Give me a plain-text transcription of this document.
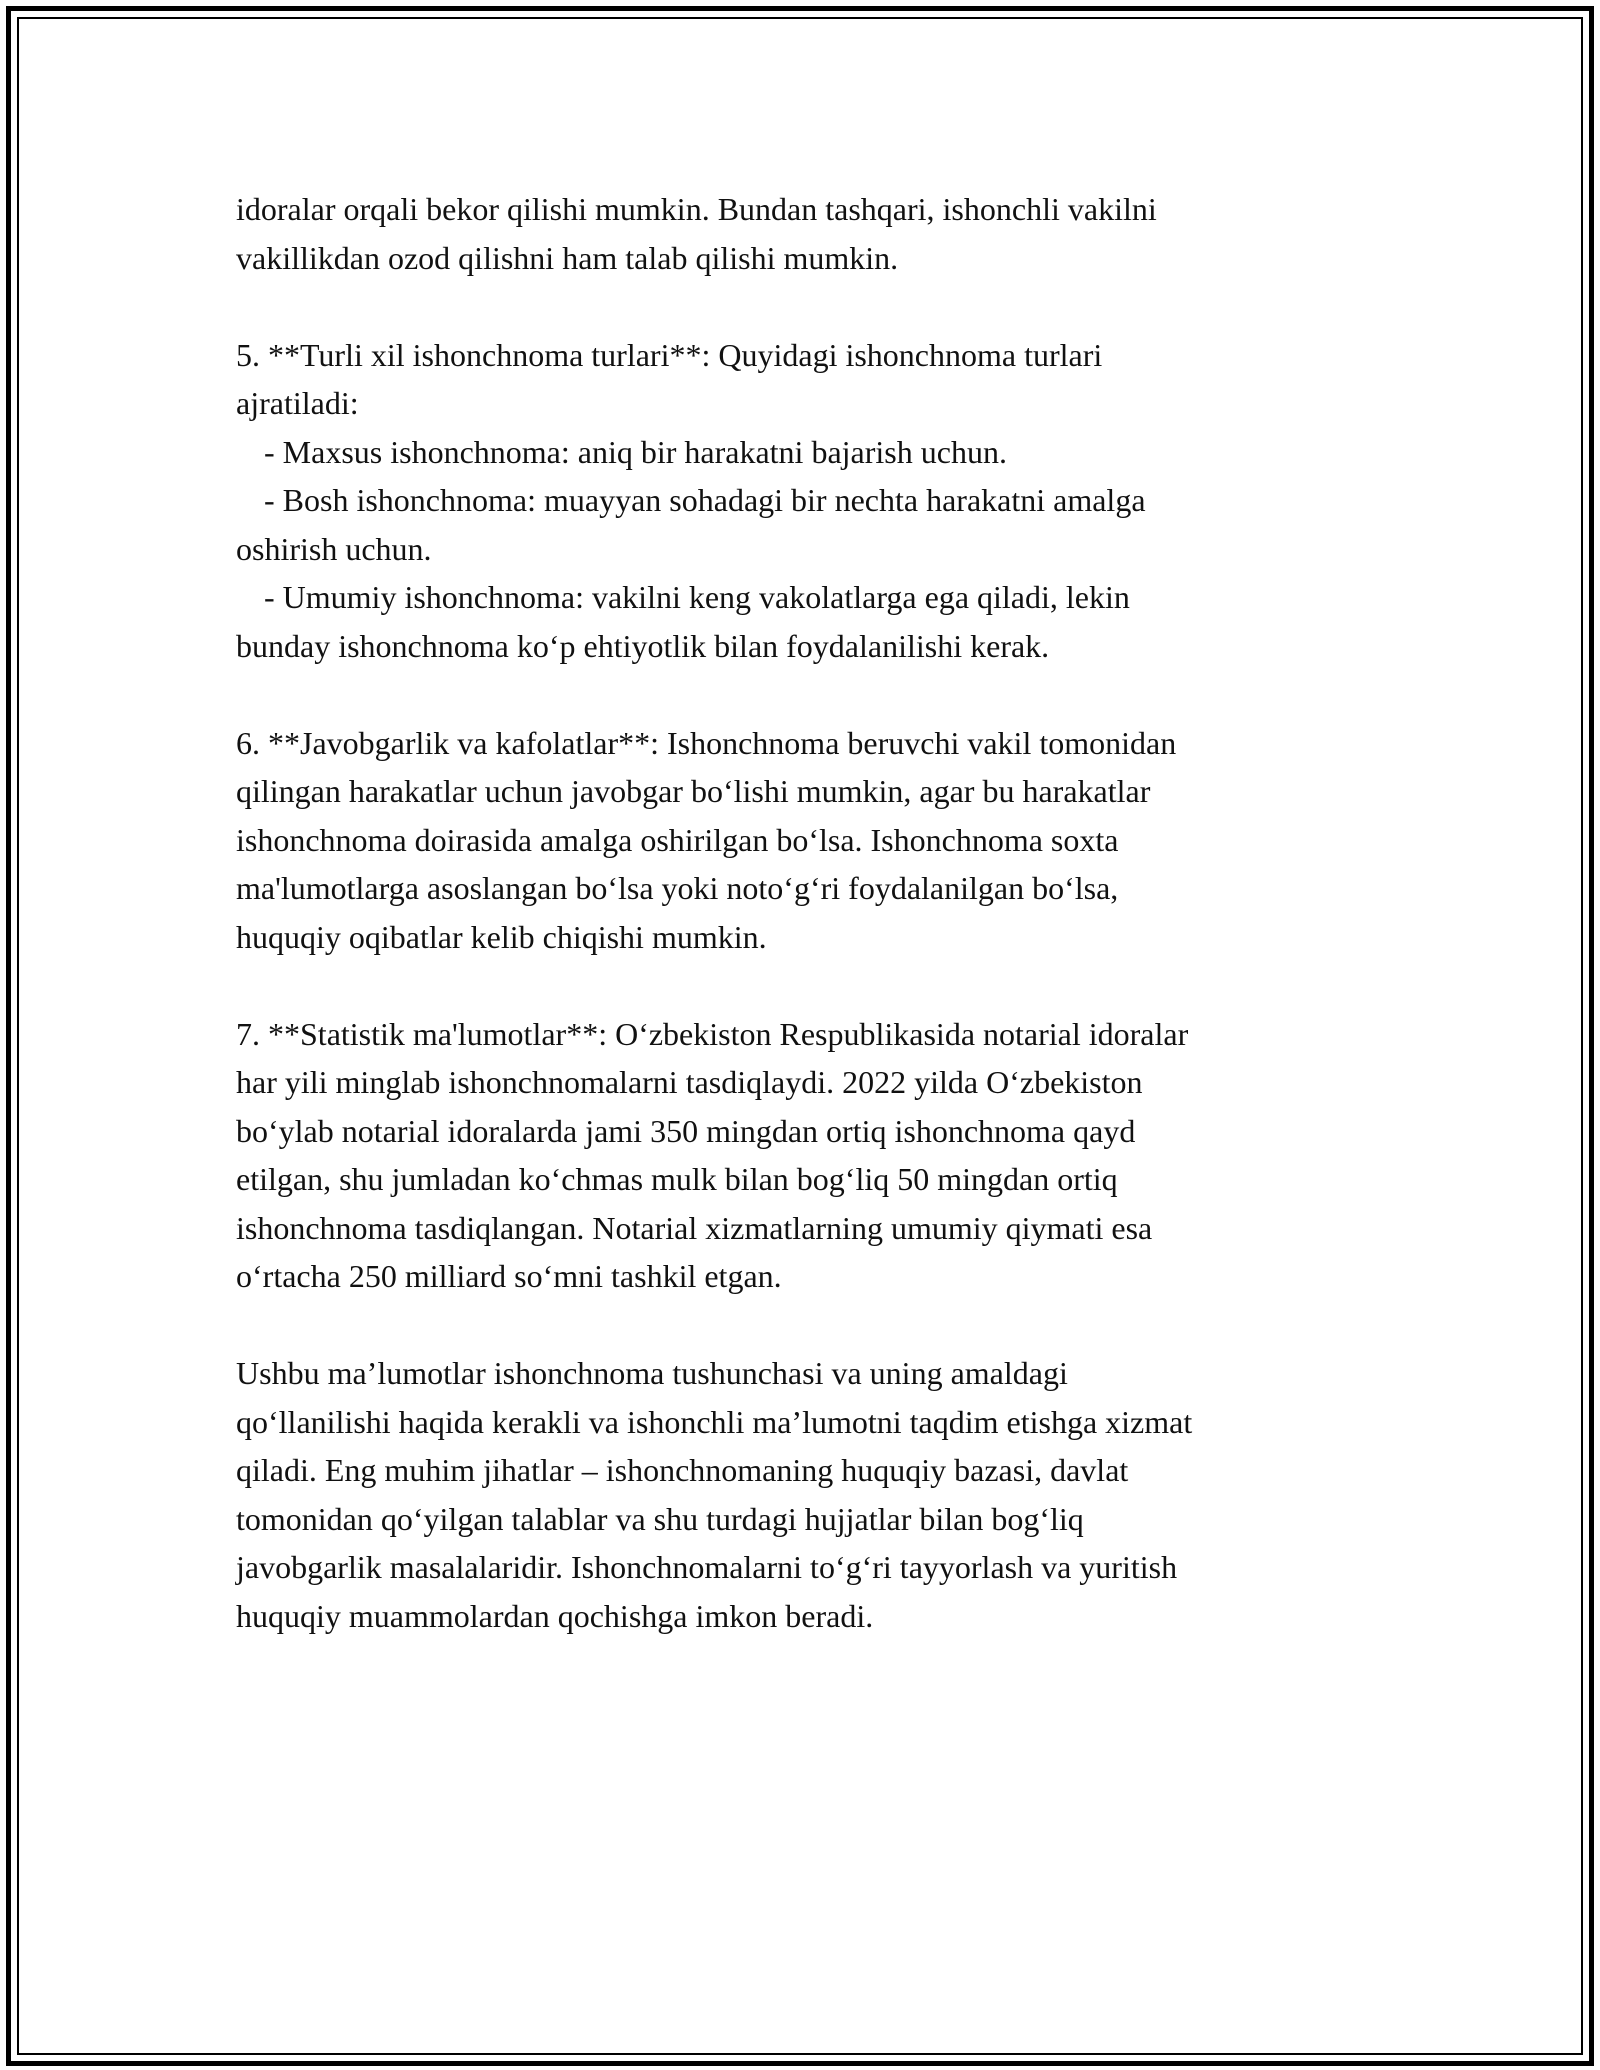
idoralar orqali bekor qilishi mumkin. Bundan tashqari, ishonchli vakilni
vakillikdan ozod qilishni ham talab qilishi mumkin.

5. **Turli xil ishonchnoma turlari**: Quyidagi ishonchnoma turlari
ajratiladi:
- Maxsus ishonchnoma: aniq bir harakatni bajarish uchun.
- Bosh ishonchnoma: muayyan sohadagi bir nechta harakatni amalga
oshirish uchun.
- Umumiy ishonchnoma: vakilni keng vakolatlarga ega qiladi, lekin
bunday ishonchnoma ko‘p ehtiyotlik bilan foydalanilishi kerak.

6. **Javobgarlik va kafolatlar**: Ishonchnoma beruvchi vakil tomonidan
qilingan harakatlar uchun javobgar bo‘lishi mumkin, agar bu harakatlar
ishonchnoma doirasida amalga oshirilgan bo‘lsa. Ishonchnoma soxta
ma'lumotlarga asoslangan bo‘lsa yoki noto‘g‘ri foydalanilgan bo‘lsa,
huquqiy oqibatlar kelib chiqishi mumkin.

7. **Statistik ma'lumotlar**: O‘zbekiston Respublikasida notarial idoralar
har yili minglab ishonchnomalarni tasdiqlaydi. 2022 yilda O‘zbekiston
bo‘ylab notarial idoralarda jami 350 mingdan ortiq ishonchnoma qayd
etilgan, shu jumladan ko‘chmas mulk bilan bog‘liq 50 mingdan ortiq
ishonchnoma tasdiqlangan. Notarial xizmatlarning umumiy qiymati esa
o‘rtacha 250 milliard so‘mni tashkil etgan.

Ushbu ma’lumotlar ishonchnoma tushunchasi va uning amaldagi
qo‘llanilishi haqida kerakli va ishonchli ma’lumotni taqdim etishga xizmat
qiladi. Eng muhim jihatlar – ishonchnomaning huquqiy bazasi, davlat
tomonidan qo‘yilgan talablar va shu turdagi hujjatlar bilan bog‘liq
javobgarlik masalalaridir. Ishonchnomalarni to‘g‘ri tayyorlash va yuritish
huquqiy muammolardan qochishga imkon beradi.
